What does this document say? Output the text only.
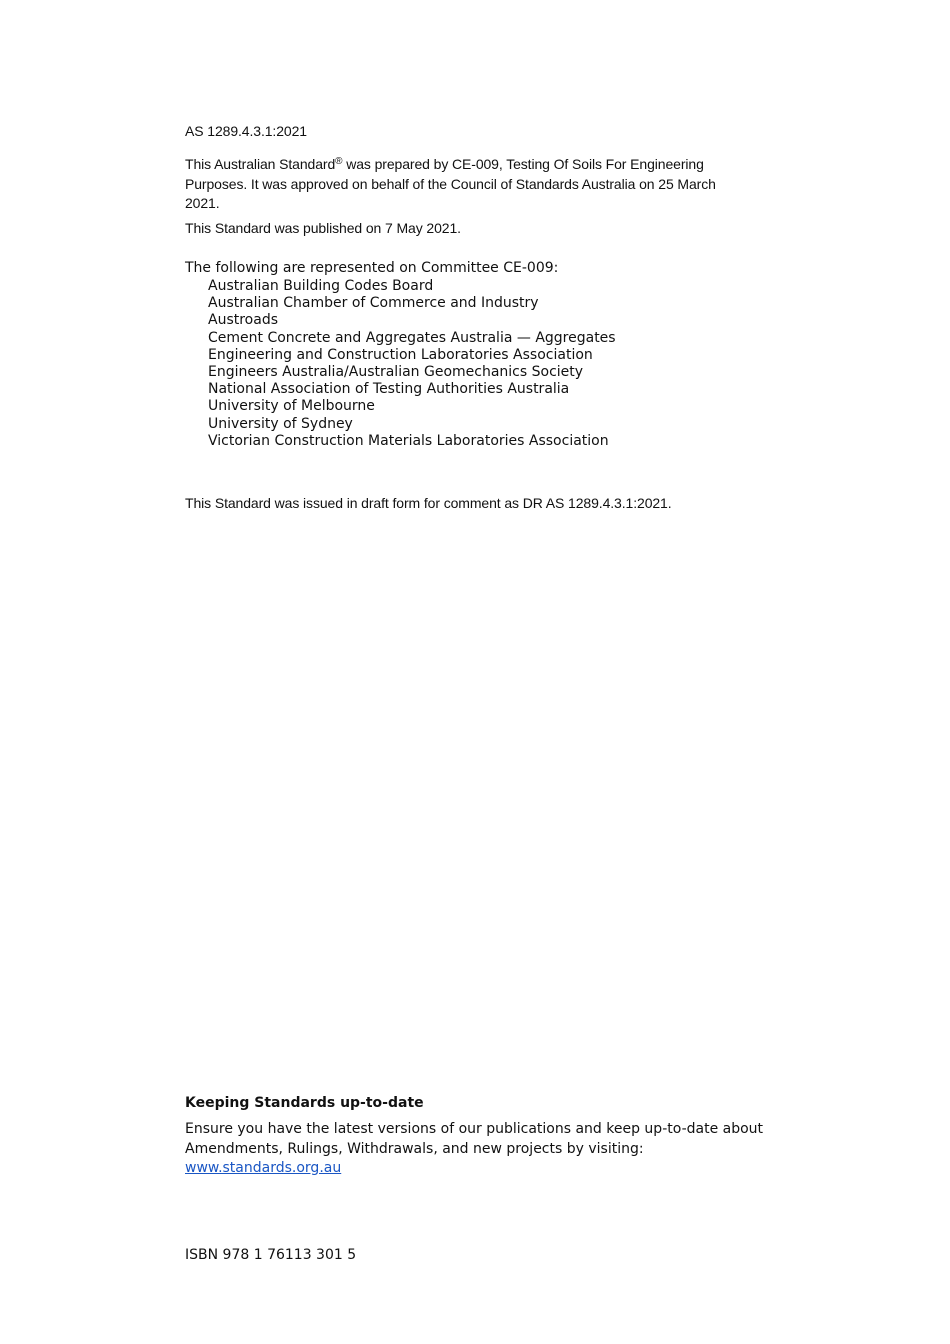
AS 1289.4.3.1:2021
This Australian Standard® was prepared by CE-009, Testing Of Soils For Engineering Purposes. It was approved on behalf of the Council of Standards Australia on 25 March 2021.
This Standard was published on 7 May 2021.
The following are represented on Committee CE-009:
Australian Building Codes Board
Australian Chamber of Commerce and Industry
Austroads
Cement Concrete and Aggregates Australia — Aggregates
Engineering and Construction Laboratories Association
Engineers Australia/Australian Geomechanics Society
National Association of Testing Authorities Australia
University of Melbourne
University of Sydney
Victorian Construction Materials Laboratories Association
This Standard was issued in draft form for comment as DR AS 1289.4.3.1:2021.
Keeping Standards up-to-date

Ensure you have the latest versions of our publications and keep up-to-date about Amendments, Rulings, Withdrawals, and new projects by visiting:
www.standards.org.au

ISBN 978 1 76113 301 5
